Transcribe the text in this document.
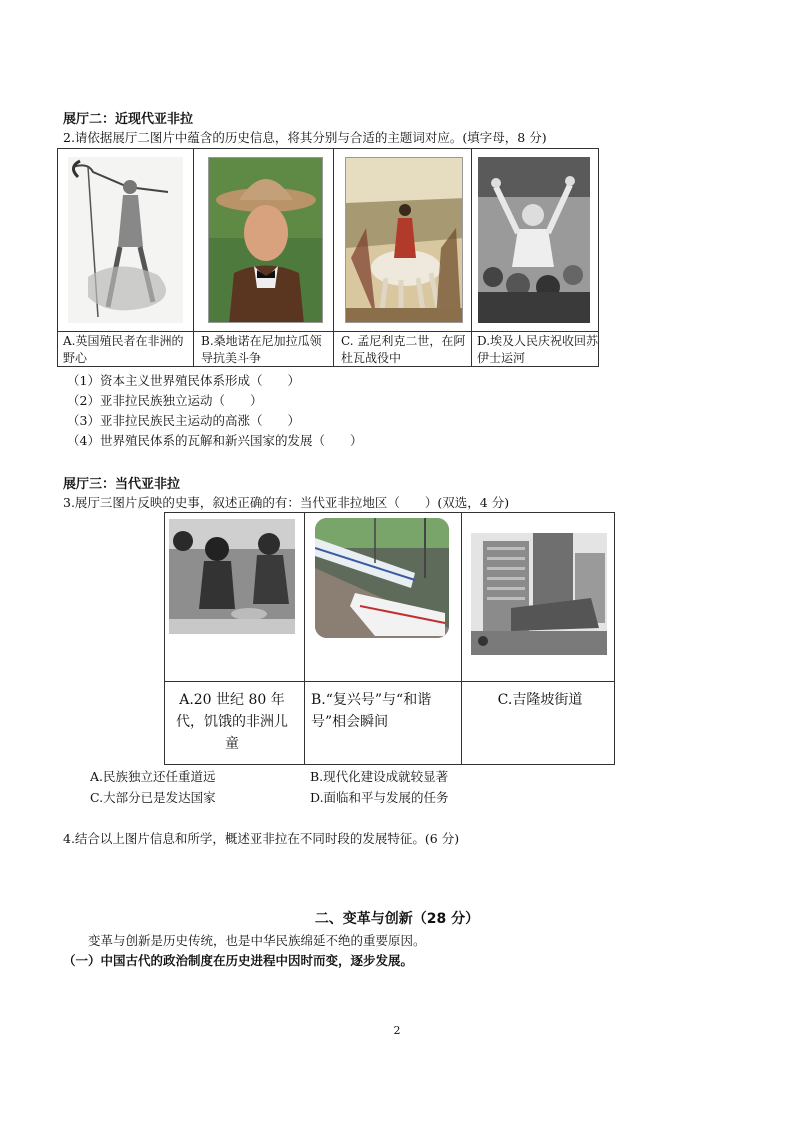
展厅二：近现代亚非拉
2.请依据展厅二图片中蕴含的历史信息，将其分别与合适的主题词对应。(填字母，8 分)
A.英国殖民者在非洲的野心
B.桑地诺在尼加拉瓜领导抗美斗争
C. 孟尼利克二世，在阿杜瓦战役中
D.埃及人民庆祝收回苏伊士运河
（1）资本主义世界殖民体系形成（　　）
（2）亚非拉民族独立运动（　　）
（3）亚非拉民族民主运动的高涨（　　）
（4）世界殖民体系的瓦解和新兴国家的发展（　　）
展厅三：当代亚非拉
3.展厅三图片反映的史事，叙述正确的有：当代亚非拉地区（　　）(双选，4 分)
A.20 世纪 80 年代，饥饿的非洲儿童
B.“复兴号”与“和谐号”相会瞬间
C.吉隆坡街道
A.民族独立还任重道远	B.现代化建设成就较显著
C.大部分已是发达国家	D.面临和平与发展的任务
4.结合以上图片信息和所学，概述亚非拉在不同时段的发展特征。(6 分)
二、变革与创新（28 分）
变革与创新是历史传统，也是中华民族绵延不绝的重要原因。
（一）中国古代的政治制度在历史进程中因时而变，逐步发展。
2
